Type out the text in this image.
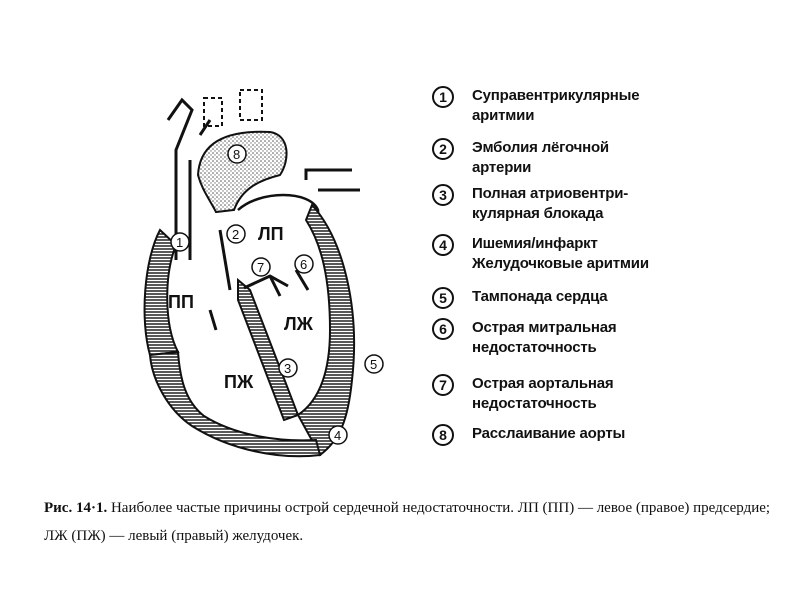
ПП
ЛП
ПЖ
ЛЖ
1
2
3
4
5
6
7
8
1	Суправентрикулярные
аритмии
2	Эмболия лёгочной
артерии
3	Полная атриовентри-
кулярная блокада
4	Ишемия/инфаркт
Желудочковые аритмии
5	Тампонада сердца
6	Острая митральная
недостаточность
7	Острая аортальная
недостаточность
8	Расслаивание аорты
Рис. 14·1. Наиболее частые причины острой сердечной недостаточности. ЛП (ПП) — левое (правое) предсердие;
ЛЖ (ПЖ) — левый (правый) желудочек.
